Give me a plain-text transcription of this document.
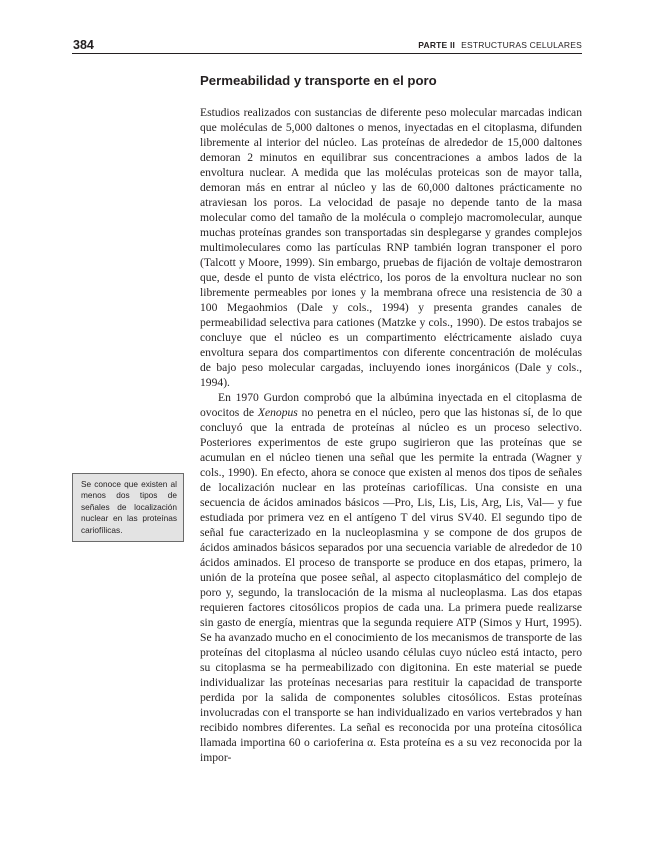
384	PARTE II ESTRUCTURAS CELULARES
Permeabilidad y transporte en el poro

Estudios realizados con sustancias de diferente peso molecular marcadas indican que moléculas de 5,000 daltones o menos, inyectadas en el citoplasma, difunden libremente al interior del núcleo. Las proteínas de alrededor de 15,000 daltones demoran 2 minutos en equilibrar sus concentraciones a ambos lados de la envoltura nuclear. A medida que las moléculas proteicas son de mayor talla, demoran más en entrar al núcleo y las de 60,000 daltones prácticamente no atraviesan los poros. La velocidad de pasaje no depende tanto de la masa molecular como del tamaño de la molécula o complejo macromolecular, aunque muchas proteínas grandes son transportadas sin desplegarse y grandes complejos multimoleculares como las partículas RNP también logran transponer el poro (Talcott y Moore, 1999). Sin embargo, pruebas de fijación de voltaje demostraron que, desde el punto de vista eléctrico, los poros de la envoltura nuclear no son libremente permeables por iones y la membrana ofrece una resistencia de 30 a 100 Megaohmios (Dale y cols., 1994) y presenta grandes canales de permeabilidad selectiva para cationes (Matzke y cols., 1990). De estos trabajos se concluye que el núcleo es un compartimento eléctricamente aislado cuya envoltura separa dos compartimentos con diferente concentración de moléculas de bajo peso molecular cargadas, incluyendo iones inorgánicos (Dale y cols., 1994).

En 1970 Gurdon comprobó que la albúmina inyectada en el citoplasma de ovocitos de Xenopus no penetra en el núcleo, pero que las histonas sí, de lo que concluyó que la entrada de proteínas al núcleo es un proceso selectivo. Posteriores experimentos de este grupo sugirieron que las proteínas que se acumulan en el núcleo tienen una señal que les permite la entrada (Wagner y cols., 1990). En efecto, ahora se conoce que existen al menos dos tipos de señales de localización nuclear en las proteínas cariofílicas. Una consiste en una secuencia de ácidos aminados básicos —Pro, Lis, Lis, Lis, Arg, Lis, Val— y fue estudiada por primera vez en el antígeno T del virus SV40. El segundo tipo de señal fue caracterizado en la nucleoplasmina y se compone de dos grupos de ácidos aminados básicos separados por una secuencia variable de alrededor de 10 ácidos aminados. El proceso de transporte se produce en dos etapas, primero, la unión de la proteína que posee señal, al aspecto citoplasmático del complejo de poro y, segundo, la translocación de la misma al nucleoplasma. Las dos etapas requieren factores citosólicos propios de cada una. La primera puede realizarse sin gasto de energía, mientras que la segunda requiere ATP (Simos y Hurt, 1995). Se ha avanzado mucho en el conocimiento de los mecanismos de transporte de las proteínas del citoplasma al núcleo usando células cuyo núcleo está intacto, pero su citoplasma se ha permeabilizado con digitonina. En este material se puede individualizar las proteínas necesarias para restituir la capacidad de transporte perdida por la salida de componentes solubles citosólicos. Estas proteínas involucradas con el transporte se han individualizado en varios vertebrados y han recibido nombres diferentes. La señal es reconocida por una proteína citosólica llamada importina 60 o carioferina α. Esta proteína es a su vez reconocida por la impor-

Se conoce que existen al menos dos tipos de señales de localización nuclear en las proteínas cariofílicas.
